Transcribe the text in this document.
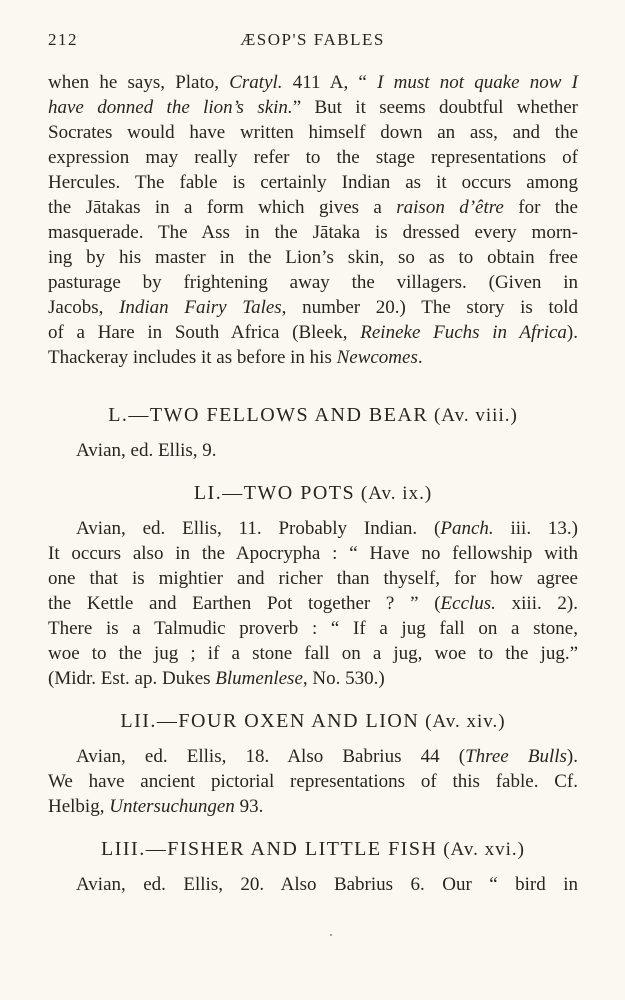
212	ÆSOP'S FABLES
when he says, Plato, Cratyl. 411 A, “ I must not quake now I
have donned the lion’s skin.” But it seems doubtful whether
Socrates would have written himself down an ass, and the
expression may really refer to the stage representations of
Hercules. The fable is certainly Indian as it occurs among
the Jātakas in a form which gives a raison d’être for the
masquerade. The Ass in the Jātaka is dressed every morn-
ing by his master in the Lion’s skin, so as to obtain free
pasturage by frightening away the villagers. (Given in
Jacobs, Indian Fairy Tales, number 20.) The story is told
of a Hare in South Africa (Bleek, Reineke Fuchs in Africa).
Thackeray includes it as before in his Newcomes.
L.—TWO FELLOWS AND BEAR (Av. viii.)
Avian, ed. Ellis, 9.
LI.—TWO POTS (Av. ix.)
Avian, ed. Ellis, 11. Probably Indian. (Panch. iii. 13.)
It occurs also in the Apocrypha : “ Have no fellowship with
one that is mightier and richer than thyself, for how agree
the Kettle and Earthen Pot together ? ” (Ecclus. xiii. 2).
There is a Talmudic proverb : “ If a jug fall on a stone,
woe to the jug ; if a stone fall on a jug, woe to the jug.”
(Midr. Est. ap. Dukes Blumenlese, No. 530.)
LII.—FOUR OXEN AND LION (Av. xiv.)
Avian, ed. Ellis, 18. Also Babrius 44 (Three Bulls).
We have ancient pictorial representations of this fable. Cf.
Helbig, Untersuchungen 93.
LIII.—FISHER AND LITTLE FISH (Av. xvi.)
Avian, ed. Ellis, 20. Also Babrius 6. Our “ bird in
